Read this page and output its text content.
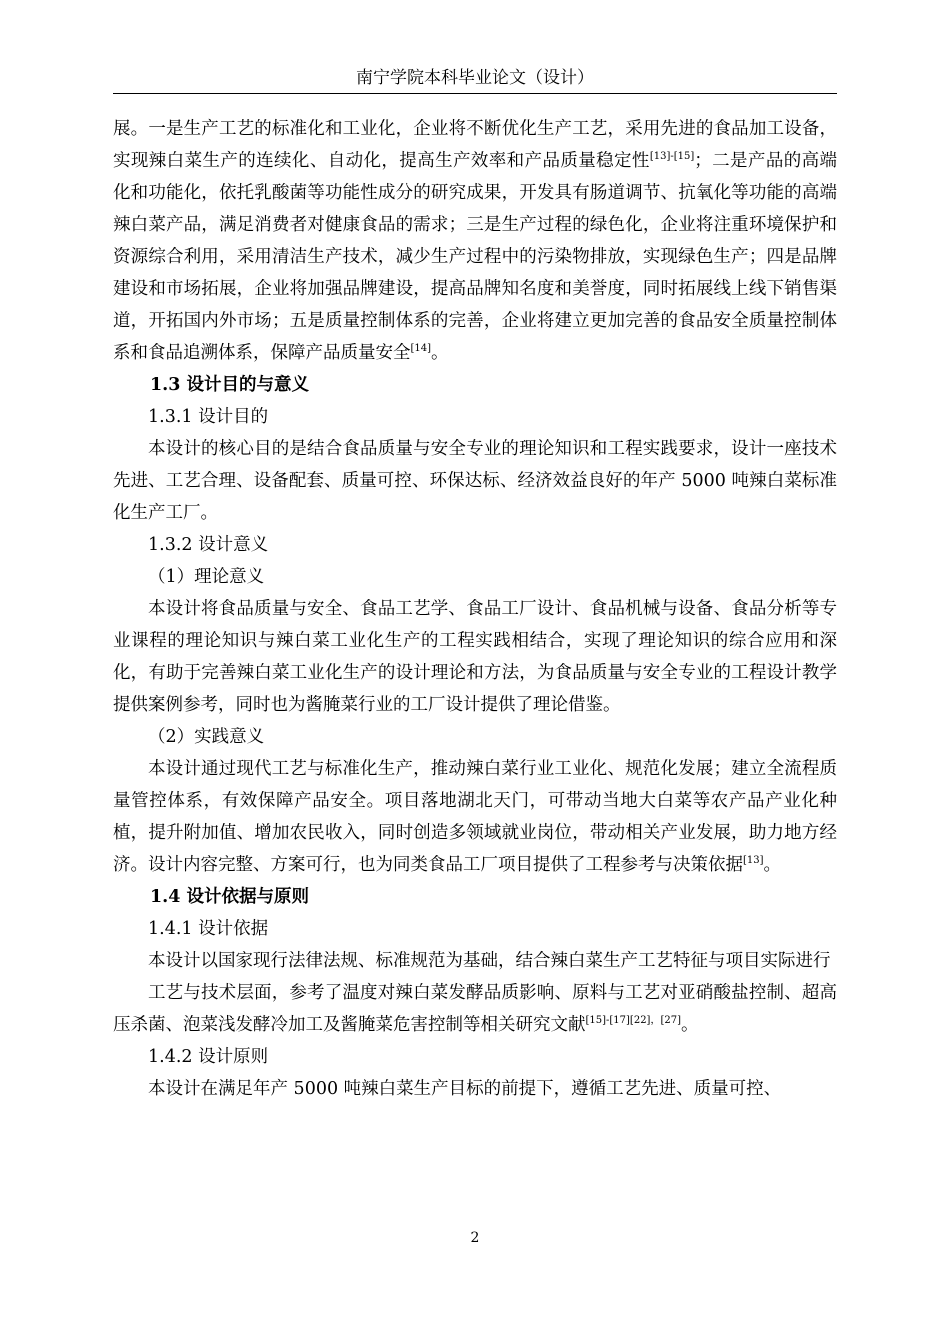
南宁学院本科毕业论文（设计）

展。一是生产工艺的标准化和工业化，企业将不断优化生产工艺，采用先进的食品加工设备，实现辣白菜生产的连续化、自动化，提高生产效率和产品质量稳定性[13]-[15]；二是产品的高端化和功能化，依托乳酸菌等功能性成分的研究成果，开发具有肠道调节、抗氧化等功能的高端辣白菜产品，满足消费者对健康食品的需求；三是生产过程的绿色化，企业将注重环境保护和资源综合利用，采用清洁生产技术，减少生产过程中的污染物排放，实现绿色生产；四是品牌建设和市场拓展，企业将加强品牌建设，提高品牌知名度和美誉度，同时拓展线上线下销售渠道，开拓国内外市场；五是质量控制体系的完善，企业将建立更加完善的食品安全质量控制体系和食品追溯体系，保障产品质量安全[14]。

1.3 设计目的与意义

1.3.1 设计目的

本设计的核心目的是结合食品质量与安全专业的理论知识和工程实践要求，设计一座技术先进、工艺合理、设备配套、质量可控、环保达标、经济效益良好的年产 5000 吨辣白菜标准化生产工厂。

1.3.2 设计意义

（1）理论意义

本设计将食品质量与安全、食品工艺学、食品工厂设计、食品机械与设备、食品分析等专业课程的理论知识与辣白菜工业化生产的工程实践相结合，实现了理论知识的综合应用和深化，有助于完善辣白菜工业化生产的设计理论和方法，为食品质量与安全专业的工程设计教学提供案例参考，同时也为酱腌菜行业的工厂设计提供了理论借鉴。

（2）实践意义

本设计通过现代工艺与标准化生产，推动辣白菜行业工业化、规范化发展；建立全流程质量管控体系，有效保障产品安全。项目落地湖北天门，可带动当地大白菜等农产品产业化种植，提升附加值、增加农民收入，同时创造多领域就业岗位，带动相关产业发展，助力地方经济。设计内容完整、方案可行，也为同类食品工厂项目提供了工程参考与决策依据[13]。

1.4 设计依据与原则

1.4.1 设计依据

本设计以国家现行法律法规、标准规范为基础，结合辣白菜生产工艺特征与项目实际进行

工艺与技术层面，参考了温度对辣白菜发酵品质影响、原料与工艺对亚硝酸盐控制、超高压杀菌、泡菜浅发酵冷加工及酱腌菜危害控制等相关研究文献[15]-[17][22]，[27]。

1.4.2 设计原则

本设计在满足年产 5000 吨辣白菜生产目标的前提下，遵循工艺先进、质量可控、

2
